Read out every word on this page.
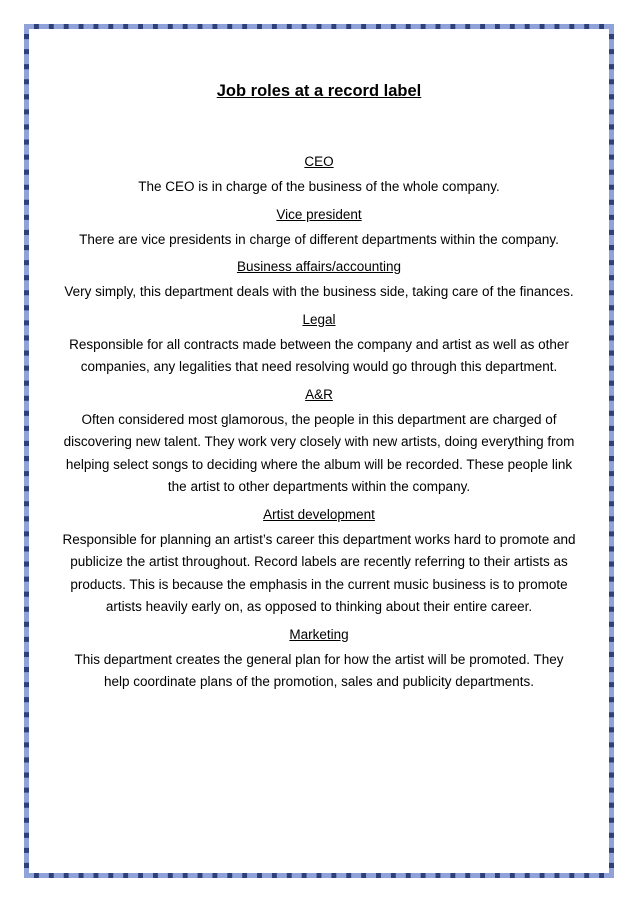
Job roles at a record label

CEO

The CEO is in charge of the business of the whole company.

Vice president

There are vice presidents in charge of different departments within the company.

Business affairs/accounting

Very simply, this department deals with the business side, taking care of the finances.

Legal

Responsible for all contracts made between the company and artist as well as other companies, any legalities that need resolving would go through this department.

A&R

Often considered most glamorous, the people in this department are charged of discovering new talent. They work very closely with new artists, doing everything from helping select songs to deciding where the album will be recorded. These people link the artist to other departments within the company.

Artist development

Responsible for planning an artist’s career this department works hard to promote and publicize the artist throughout. Record labels are recently referring to their artists as products. This is because the emphasis in the current music business is to promote artists heavily early on, as opposed to thinking about their entire career.

Marketing

This department creates the general plan for how the artist will be promoted. They help coordinate plans of the promotion, sales and publicity departments.
